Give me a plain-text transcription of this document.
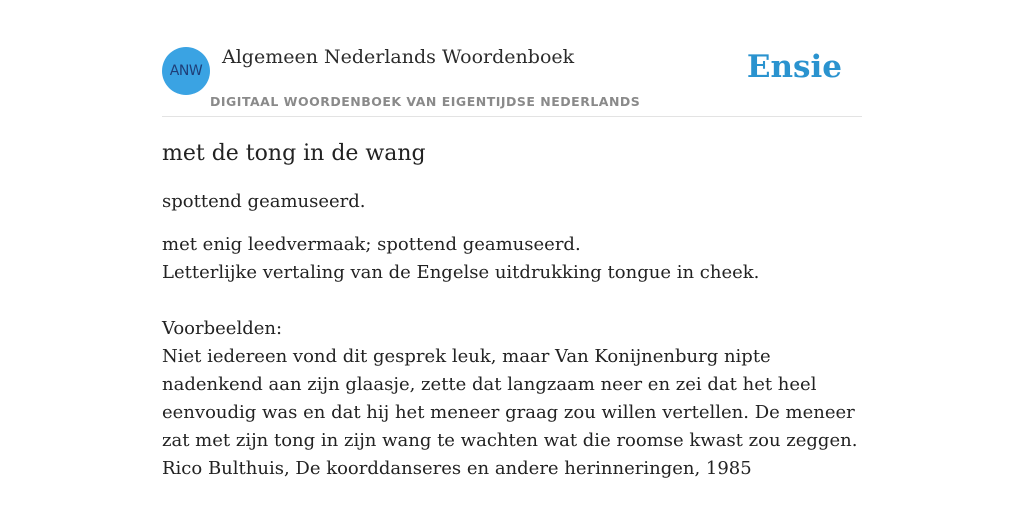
ANW
Algemeen Nederlands Woordenboek
DIGITAAL WOORDENBOEK VAN EIGENTIJDSE NEDERLANDS
Ensie
met de tong in de wang

spottend geamuseerd.

met enig leedvermaak; spottend geamuseerd.
Letterlijke vertaling van de Engelse uitdrukking tongue in cheek.
Voorbeelden:
Niet iedereen vond dit gesprek leuk, maar Van Konijnenburg nipte nadenkend aan zijn glaasje, zette dat langzaam neer en zei dat het heel eenvoudig was en dat hij het meneer graag zou willen vertellen. De meneer zat met zijn tong in zijn wang te wachten wat die roomse kwast zou zeggen.
Rico Bulthuis, De koorddanseres en andere herinneringen, 1985
